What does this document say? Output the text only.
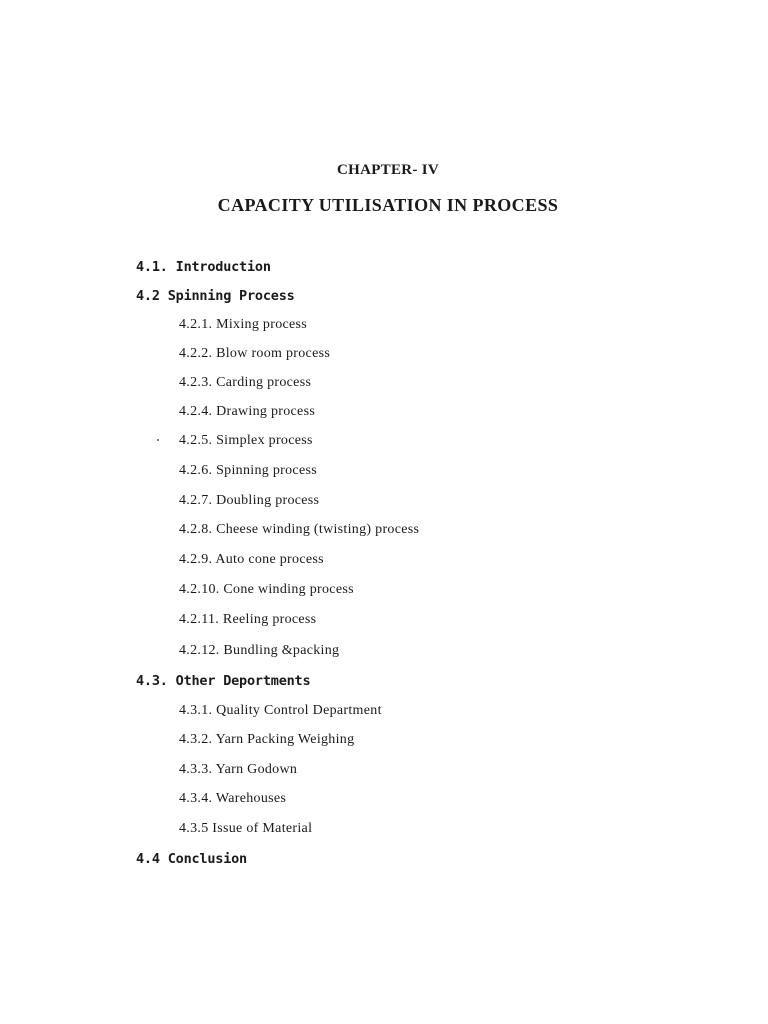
CHAPTER- IV
CAPACITY UTILISATION IN PROCESS
4.1. Introduction
4.2 Spinning Process
4.2.1. Mixing process
4.2.2. Blow room process
4.2.3. Carding process
4.2.4. Drawing process
4.2.5. Simplex process
4.2.6. Spinning process
4.2.7. Doubling process
4.2.8. Cheese winding (twisting) process
4.2.9. Auto cone process
4.2.10. Cone winding process
4.2.11. Reeling process
4.2.12. Bundling &packing
4.3. Other Deportments
4.3.1. Quality Control Department
4.3.2. Yarn Packing Weighing
4.3.3. Yarn Godown
4.3.4. Warehouses
4.3.5 Issue of Material
4.4 Conclusion
